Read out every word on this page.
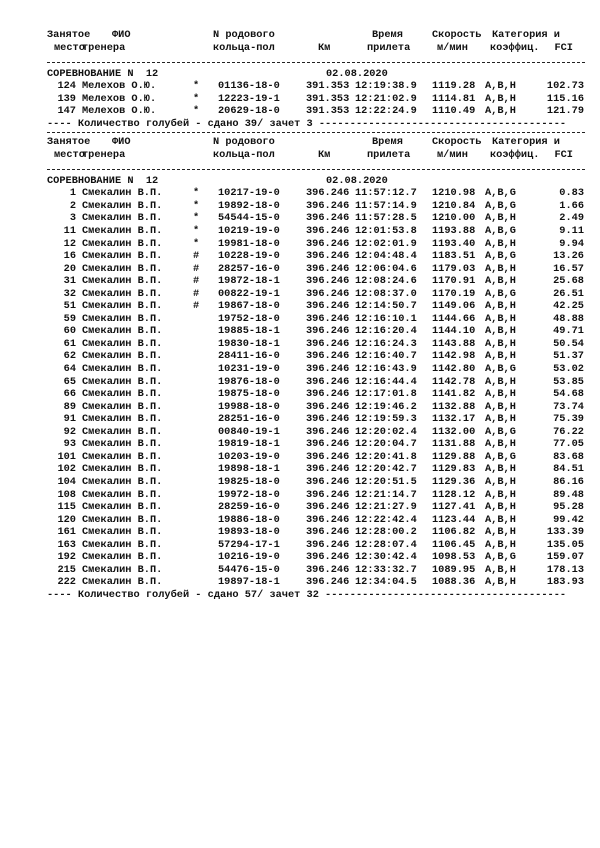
Занятое ФИО	N родового	Время	Скорость Категория и
место
тренера	кольца-пол	Км	прилета	м/мин коэффиц. FCI
СОРЕВНОВАНИЕ N  12	02.08.2020
124 Мелехов О.Ю.	* 01136-18-0	391.353 12:19:38.9 1119.28 A,B,H	102.73
139 Мелехов О.Ю.	* 12223-19-1	391.353 12:21:02.9 1114.81 A,B,H	115.16
147 Мелехов О.Ю.	* 20629-18-0	391.353 12:22:24.9 1110.49 A,B,H	121.79
---- Количество голубей - сдано 39/ зачет 3 ----------------------------------------
Занятое ФИО	N родового	Время	Скорость Категория и
место
тренера	кольца-пол	Км	прилета	м/мин коэффиц. FCI
СОРЕВНОВАНИЕ N  12	02.08.2020
1 Смекалин В.П.	* 10217-19-0	396.246 11:57:12.7 1210.98 A,B,G	0.83
2 Смекалин В.П.	* 19892-18-0	396.246 11:57:14.9 1210.84 A,B,G	1.66
3 Смекалин В.П.	* 54544-15-0	396.246 11:57:28.5 1210.00 A,B,H	2.49
11 Смекалин В.П.	* 10219-19-0	396.246 12:01:53.8 1193.88 A,B,G	9.11
12 Смекалин В.П.	* 19981-18-0	396.246 12:02:01.9 1193.40 A,B,H	9.94
16 Смекалин В.П.	# 10228-19-0	396.246 12:04:48.4 1183.51 A,B,G	13.26
20 Смекалин В.П.	# 28257-16-0	396.246 12:06:04.6 1179.03 A,B,H	16.57
31 Смекалин В.П.	# 19872-18-1	396.246 12:08:24.6 1170.91 A,B,H	25.68
32 Смекалин В.П.	# 00822-19-1	396.246 12:08:37.0 1170.19 A,B,G	26.51
51 Смекалин В.П.	# 19867-18-0	396.246 12:14:50.7 1149.06 A,B,H	42.25
59 Смекалин В.П.	19752-18-0	396.246 12:16:10.1 1144.66 A,B,H	48.88
60 Смекалин В.П.	19885-18-1	396.246 12:16:20.4 1144.10 A,B,H	49.71
61 Смекалин В.П.	19830-18-1	396.246 12:16:24.3 1143.88 A,B,H	50.54
62 Смекалин В.П.	28411-16-0	396.246 12:16:40.7 1142.98 A,B,H	51.37
64 Смекалин В.П.	10231-19-0	396.246 12:16:43.9 1142.80 A,B,G	53.02
65 Смекалин В.П.	19876-18-0	396.246 12:16:44.4 1142.78 A,B,H	53.85
66 Смекалин В.П.	19875-18-0	396.246 12:17:01.8 1141.82 A,B,H	54.68
89 Смекалин В.П.	19988-18-0	396.246 12:19:46.2 1132.88 A,B,H	73.74
91 Смекалин В.П.	28251-16-0	396.246 12:19:59.3 1132.17 A,B,H	75.39
92 Смекалин В.П.	00840-19-1	396.246 12:20:02.4 1132.00 A,B,G	76.22
93 Смекалин В.П.	19819-18-1	396.246 12:20:04.7 1131.88 A,B,H	77.05
101 Смекалин В.П.	10203-19-0	396.246 12:20:41.8 1129.88 A,B,G	83.68
102 Смекалин В.П.	19898-18-1	396.246 12:20:42.7 1129.83 A,B,H	84.51
104 Смекалин В.П.	19825-18-0	396.246 12:20:51.5 1129.36 A,B,H	86.16
108 Смекалин В.П.	19972-18-0	396.246 12:21:14.7 1128.12 A,B,H	89.48
115 Смекалин В.П.	28259-16-0	396.246 12:21:27.9 1127.41 A,B,H	95.28
120 Смекалин В.П.	19886-18-0	396.246 12:22:42.4 1123.44 A,B,H	99.42
161 Смекалин В.П.	19893-18-0	396.246 12:28:00.2 1106.82 A,B,H	133.39
163 Смекалин В.П.	57294-17-1	396.246 12:28:07.4 1106.45 A,B,H	135.05
192 Смекалин В.П.	10216-19-0	396.246 12:30:42.4 1098.53 A,B,G	159.07
215 Смекалин В.П.	54476-15-0	396.246 12:33:32.7 1089.95 A,B,H	178.13
222 Смекалин В.П.	19897-18-1	396.246 12:34:04.5 1088.36 A,B,H	183.93
---- Количество голубей - сдано 57/ зачет 32 ---------------------------------------
